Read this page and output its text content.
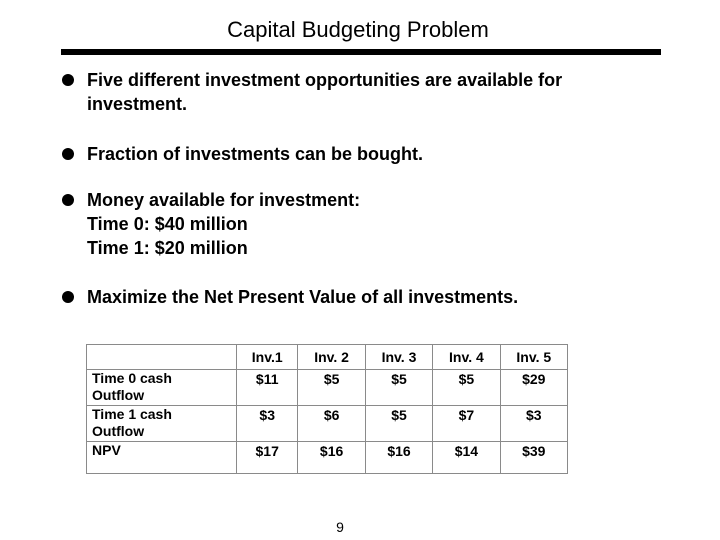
Capital Budgeting Problem
Five different investment opportunities are available for
investment.
Fraction of investments can be bought.
Money available for investment:
Time 0: $40 million
Time 1: $20 million
Maximize the Net Present Value of all investments.
	Inv.1	Inv. 2	Inv. 3	Inv. 4	Inv. 5

Time 0 cash
Outflow	$11	$5	$5	$5	$29

Time 1 cash
Outflow	$3	$6	$5	$7	$3

NPV	$17	$16	$16	$14	$39
9
